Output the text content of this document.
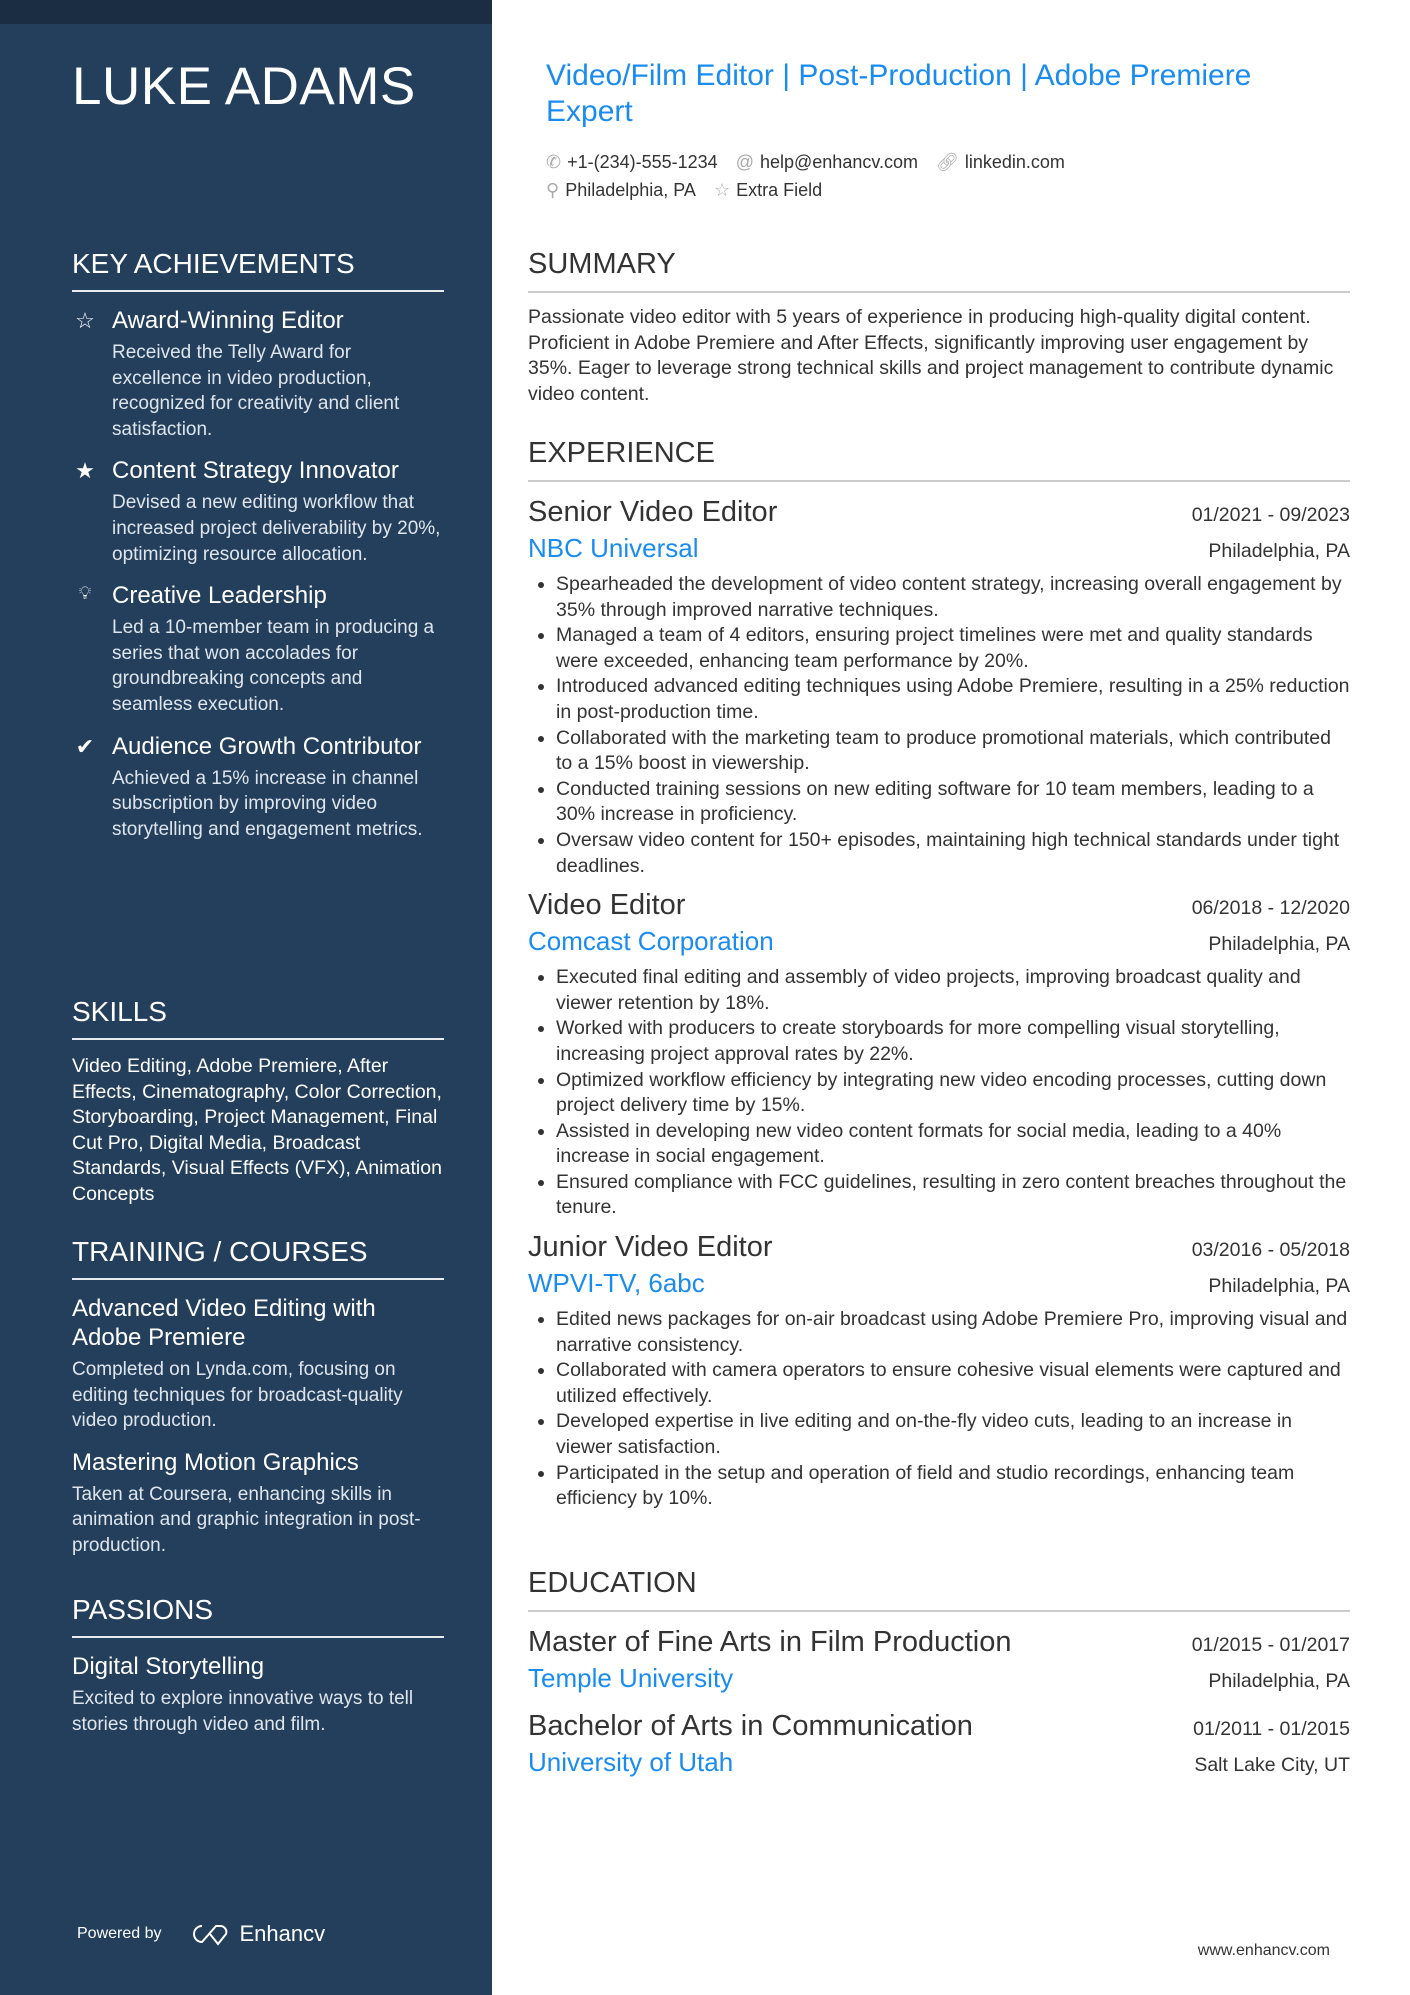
LUKE ADAMS
KEY ACHIEVEMENTS
☆ Award-Winning Editor
Received the Telly Award for excellence in video production, recognized for creativity and client satisfaction.
★ Content Strategy Innovator
Devised a new editing workflow that increased project deliverability by 20%, optimizing resource allocation.
💡︎ Creative Leadership
Led a 10-member team in producing a series that won accolades for groundbreaking concepts and seamless execution.
✔ Audience Growth Contributor
Achieved a 15% increase in channel subscription by improving video storytelling and engagement metrics.
SKILLS
Video Editing, Adobe Premiere, After Effects, Cinematography, Color Correction, Storyboarding, Project Management, Final Cut Pro, Digital Media, Broadcast Standards, Visual Effects (VFX), Animation Concepts
TRAINING / COURSES
Advanced Video Editing with Adobe Premiere
Completed on Lynda.com, focusing on editing techniques for broadcast-quality video production.
Mastering Motion Graphics
Taken at Coursera, enhancing skills in animation and graphic integration in post-production.
PASSIONS
Digital Storytelling
Excited to explore innovative ways to tell stories through video and film.
Powered by	Enhancv
Video/Film Editor | Post-Production | Adobe Premiere Expert
✆ +1-(234)-555-1234 @ help@enhancv.com 🔗︎ linkedin.com
⚲ Philadelphia, PA ☆ Extra Field
SUMMARY
Passionate video editor with 5 years of experience in producing high-quality digital content. Proficient in Adobe Premiere and After Effects, significantly improving user engagement by 35%. Eager to leverage strong technical skills and project management to contribute dynamic video content.
EXPERIENCE
Senior Video Editor	01/2021 - 09/2023
NBC Universal	Philadelphia, PA
• Spearheaded the development of video content strategy, increasing overall engagement by 35% through improved narrative techniques.
• Managed a team of 4 editors, ensuring project timelines were met and quality standards were exceeded, enhancing team performance by 20%.
• Introduced advanced editing techniques using Adobe Premiere, resulting in a 25% reduction in post-production time.
• Collaborated with the marketing team to produce promotional materials, which contributed to a 15% boost in viewership.
• Conducted training sessions on new editing software for 10 team members, leading to a 30% increase in proficiency.
• Oversaw video content for 150+ episodes, maintaining high technical standards under tight deadlines.
Video Editor	06/2018 - 12/2020
Comcast Corporation	Philadelphia, PA
• Executed final editing and assembly of video projects, improving broadcast quality and viewer retention by 18%.
• Worked with producers to create storyboards for more compelling visual storytelling, increasing project approval rates by 22%.
• Optimized workflow efficiency by integrating new video encoding processes, cutting down project delivery time by 15%.
• Assisted in developing new video content formats for social media, leading to a 40% increase in social engagement.
• Ensured compliance with FCC guidelines, resulting in zero content breaches throughout the tenure.
Junior Video Editor	03/2016 - 05/2018
WPVI-TV, 6abc	Philadelphia, PA
• Edited news packages for on-air broadcast using Adobe Premiere Pro, improving visual and narrative consistency.
• Collaborated with camera operators to ensure cohesive visual elements were captured and utilized effectively.
• Developed expertise in live editing and on-the-fly video cuts, leading to an increase in viewer satisfaction.
• Participated in the setup and operation of field and studio recordings, enhancing team efficiency by 10%.
EDUCATION
Master of Fine Arts in Film Production	01/2015 - 01/2017
Temple University	Philadelphia, PA
Bachelor of Arts in Communication	01/2011 - 01/2015
University of Utah	Salt Lake City, UT
www.enhancv.com
